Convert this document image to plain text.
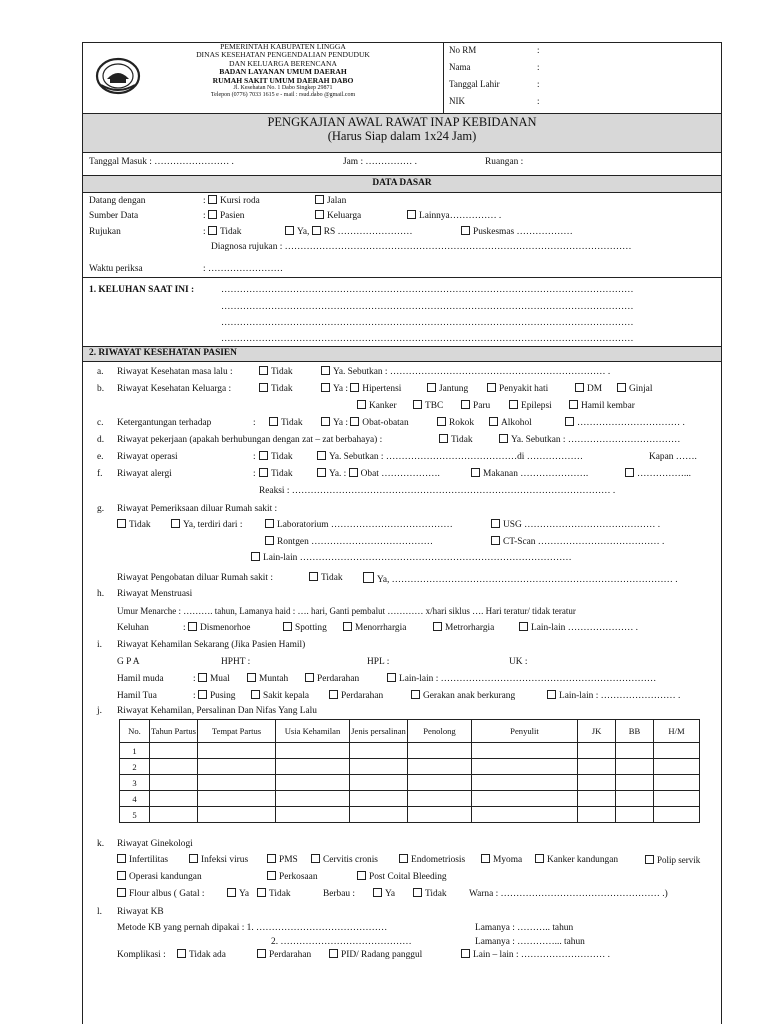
PEMERINTAH KABUPATEN LINGGA
DINAS KESEHATAN PENGENDALIAN PENDUDUK
DAN KELUARGA BERENCANA
BADAN LAYANAN UMUM DAERAH
RUMAH SAKIT UMUM DAERAH DABO
Jl. Kesehatan No. 1 Dabo Singkep 29871
Telepon (0776) 7033 1615 e - mail : rsud.dabo @gmail.com
No RM	:
Nama	:
Tanggal Lahir	:
NIK	:
PENGKAJIAN AWAL RAWAT INAP KEBIDANAN
(Harus Siap dalam 1x24 Jam)
Tanggal Masuk : …………………… .	Jam : …………… .	Ruangan :
DATA DASAR
Datang dengan	: Kursi roda	Jalan
Sumber Data	: Pasien	Keluarga	Lainnya…………… .
Rujukan	: Tidak	Ya, RS ……………………	Puskesmas ………………
Diagnosa rujukan : …………………………………………………………………………………………………
Waktu periksa	: ……………………
1. KELUHAN SAAT INI :	……………………………………………………………………………………………………………………
……………………………………………………………………………………………………………………
……………………………………………………………………………………………………………………
……………………………………………………………………………………………………………………
2. RIWAYAT KESEHATAN PASIEN
a. Riwayat Kesehatan masa lalu :	Tidak	Ya. Sebutkan : …………………………………………………………… .
b. Riwayat Kesehatan Keluarga :	Tidak	Ya : Hipertensi	Jantung	Penyakit hati	DM	Ginjal
Kanker	TBC	Paru	Epilepsi	Hamil kembar
c. Ketergantungan terhadap	:	Tidak	Ya : Obat-obatan	Rokok	Alkohol	…………………………… .
d. Riwayat pekerjaan (apakah berhubungan dengan zat – zat berbahaya) :	Tidak	Ya. Sebutkan : ………………………………
e. Riwayat operasi	:	Tidak	Ya. Sebutkan : ……………………………………di ………………	Kapan …….
f. Riwayat alergi	:	Tidak	Ya. : Obat ……………….	Makanan ………………….	……………...
Reaksi : ………………………………………………………………………………………… .
g. Riwayat Pemeriksaan diluar Rumah sakit :
Tidak	Ya, terdiri dari :	Laboratorium …………………………………	USG …………………………………… .
Rontgen …………………………………	CT-Scan ………………………………… .
Lain-lain ……………………………………………………………………………
Riwayat Pengobatan diluar Rumah sakit :	Tidak	Ya, ……………………………………………………………………………… .
h. Riwayat Menstruasi
Umur Menarche : ………. tahun, Lamanya haid : …. hari, Ganti pembalut ………… x/hari siklus …. Hari teratur/ tidak teratur
Keluhan	: Dismenorhoe	Spotting	Menorrhargia	Metrorhargia	Lain-lain ………………… .
i. Riwayat Kehamilan Sekarang (Jika Pasien Hamil)
G P A	HPHT :	HPL :	UK :
Hamil muda	: Mual	Muntah	Perdarahan	Lain-lain : ……………………………………………………………
Hamil Tua	: Pusing	Sakit kepala	Perdarahan	Gerakan anak berkurang	Lain-lain : …………………… .
j. Riwayat Kehamilan, Persalinan Dan Nifas Yang Lalu
No.	Tahun Partus	Tempat Partus	Usia Kehamilan	Jenis persalinan	Penolong	Penyulit	JK	BB	H/M
1									
2									
3									
4									
5									
k. Riwayat Ginekologi
Infertilitas	Infeksi virus	PMS	Cervitis cronis	Endometriosis	Myoma	Kanker kandungan	Polip servik
Operasi kandungan	Perkosaan	Post Coital Bleeding
Flour albus ( Gatal :	Ya	Tidak	Berbau :	Ya	Tidak Warna : …………………………………………… .)
l. Riwayat KB
Metode KB yang pernah dipakai : 1. ……………………………………	Lamanya : ……….. tahun
2. ……………………………………	Lamanya : …………... tahun
Komplikasi :	Tidak ada	Perdarahan	PID/ Radang panggul	Lain – lain : ……………………… .
